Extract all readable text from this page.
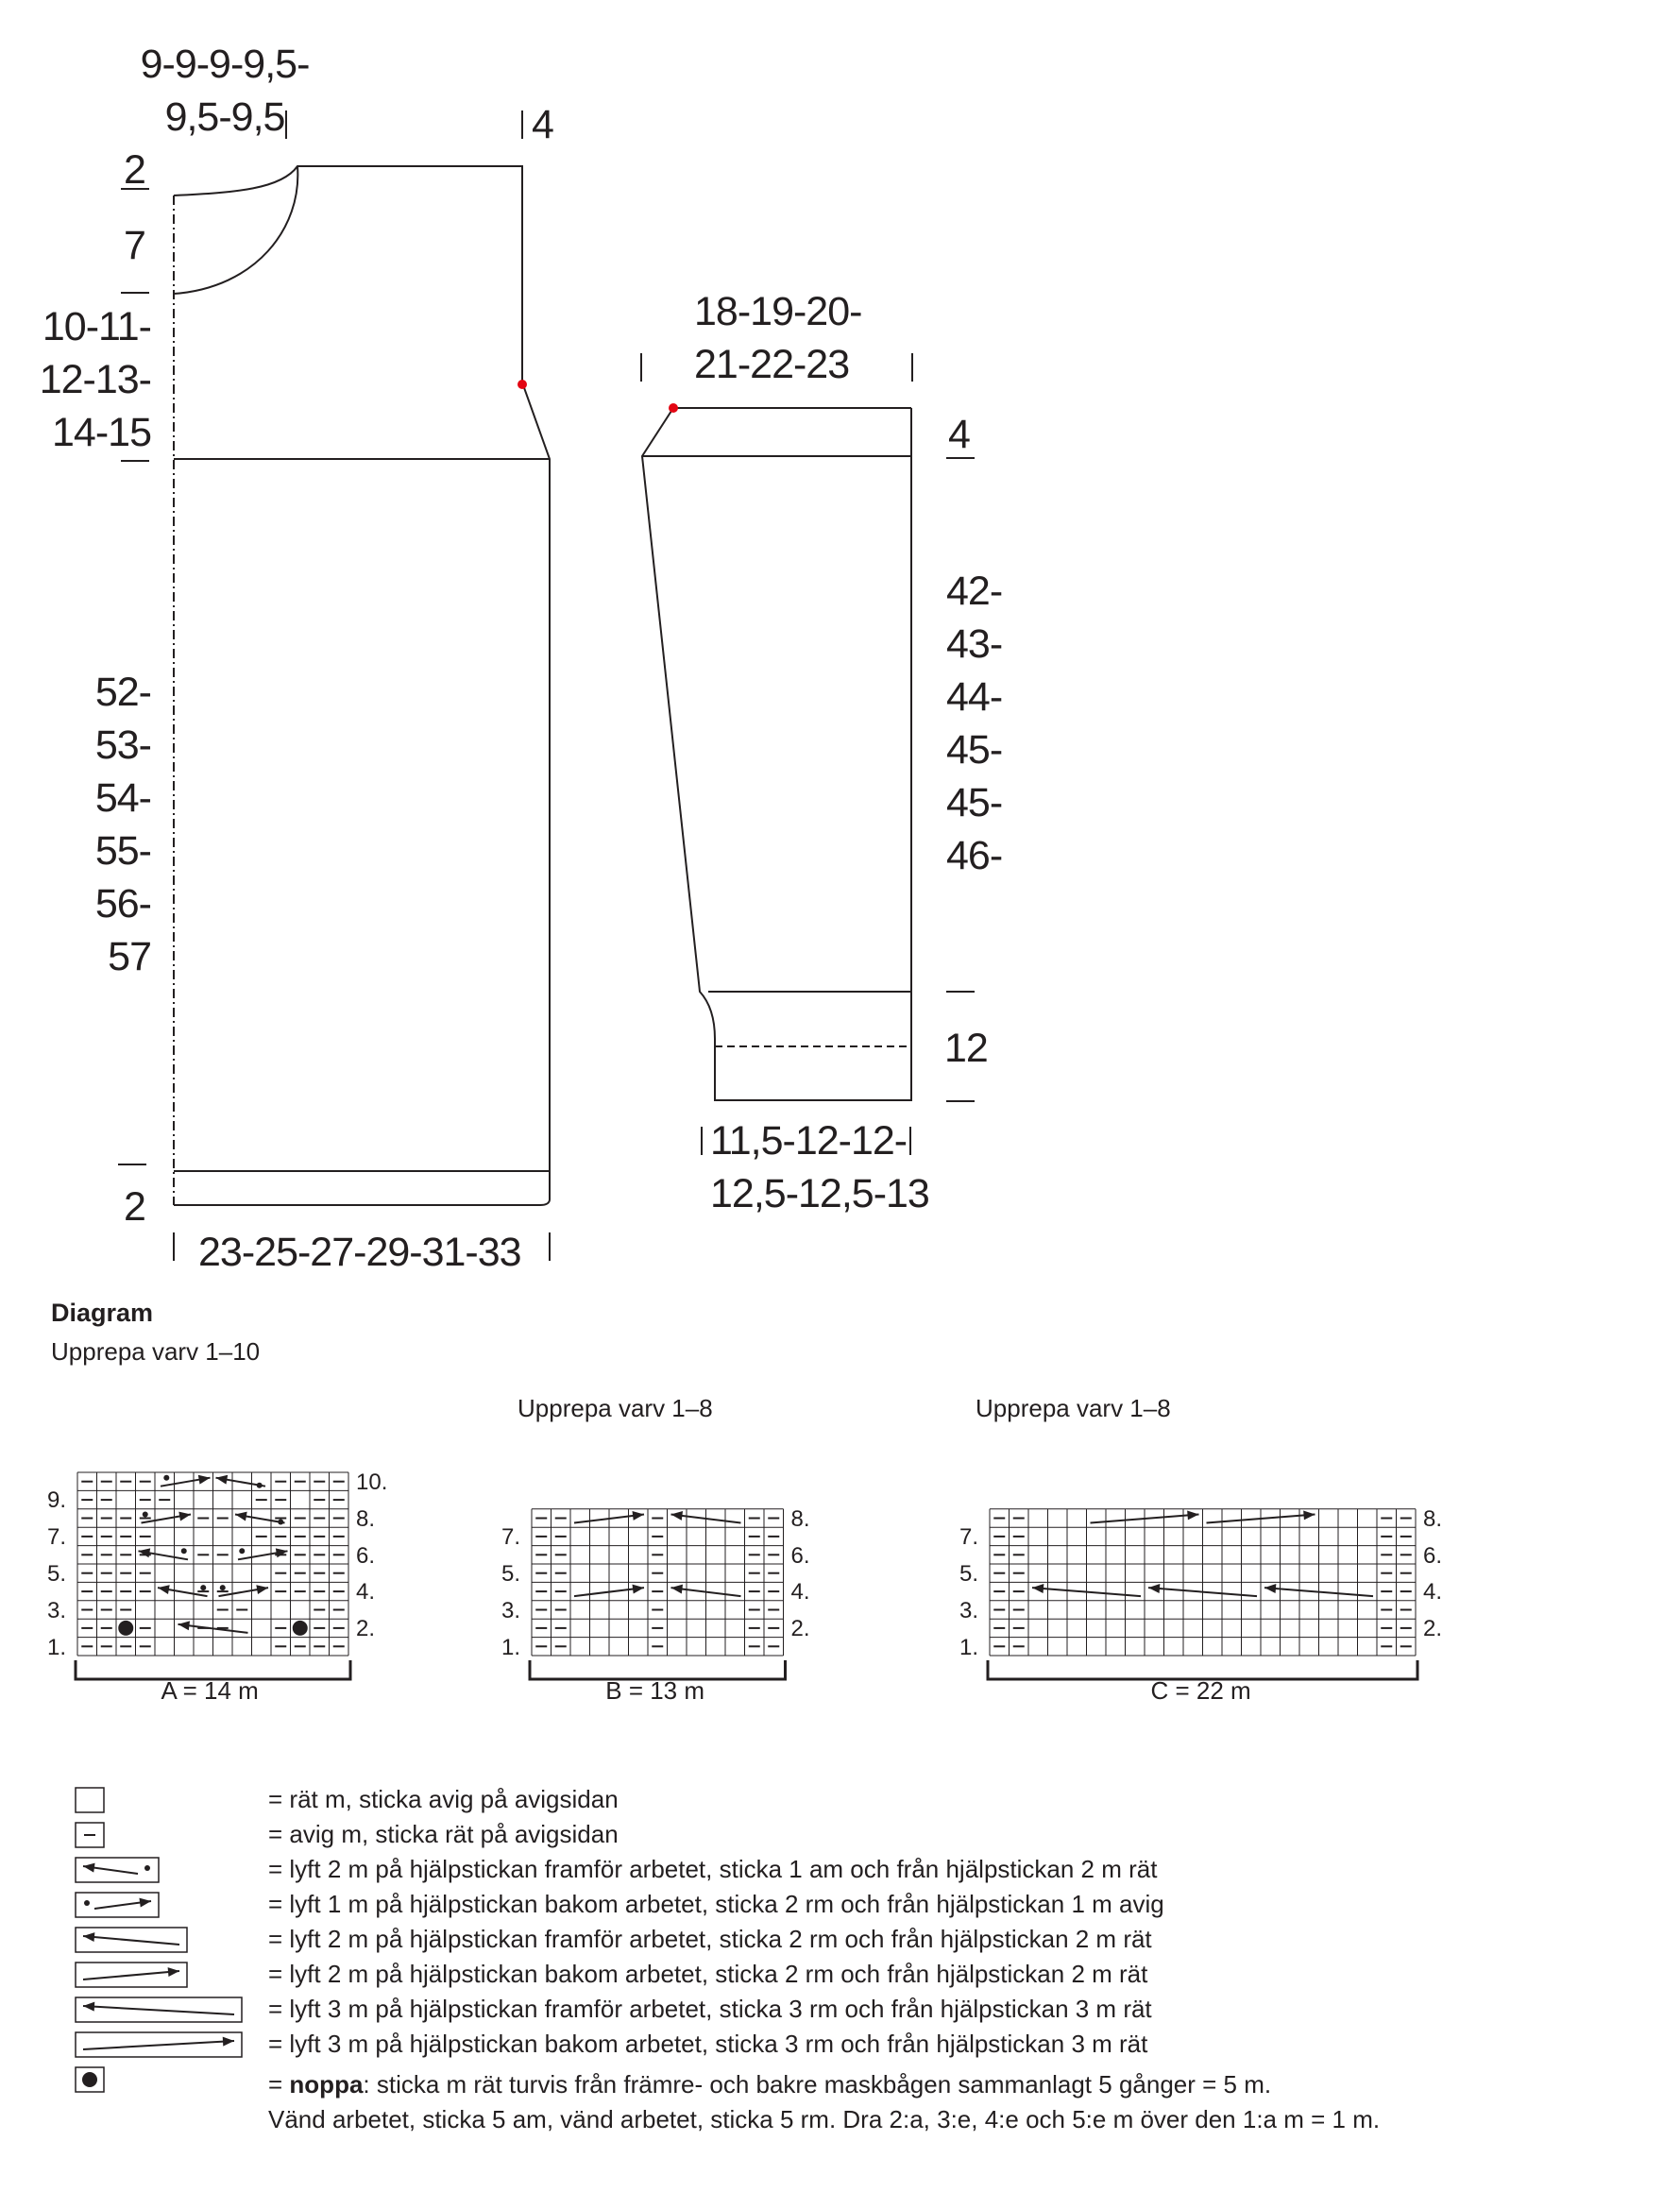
9-9-9-9,5-
9,5-9,5	4
2
7
10-11-
12-13-
14-15
52-
53-
54-
55-
56-
57
2
23-25-27-29-31-33
18-19-20-
21-22-23
4
42-
43-
44-
45-
45-
46-
12
11,5-12-12-
12,5-12,5-13
Diagram
Upprepa varv 1–10
A = 14 m
9.
7.
5.
3.
1.
10.
8.
6.
4.
2.
Upprepa varv 1–8
B = 13 m
7.
5.
3.
1.
8.
6.
4.
2.
Upprepa varv 1–8
C = 22 m
7.
5.
3.
1.
8.
6.
4.
2.
= rät m, sticka avig på avigsidan
= avig m, sticka rät på avigsidan
= lyft 2 m på hjälpstickan framför arbetet, sticka 1 am och från hjälpstickan 2 m rät
= lyft 1 m på hjälpstickan bakom arbetet, sticka 2 rm och från hjälpstickan 1 m avig
= lyft 2 m på hjälpstickan framför arbetet, sticka 2 rm och från hjälpstickan 2 m rät
= lyft 2 m på hjälpstickan bakom arbetet, sticka 2 rm och från hjälpstickan 2 m rät
= lyft 3 m på hjälpstickan framför arbetet, sticka 3 rm och från hjälpstickan 3 m rät
= lyft 3 m på hjälpstickan bakom arbetet, sticka 3 rm och från hjälpstickan 3 m rät
= noppa: sticka m rät turvis från främre- och bakre maskbågen sammanlagt 5 gånger = 5 m.
Vänd arbetet, sticka 5 am, vänd arbetet, sticka 5 rm. Dra 2:a, 3:e, 4:e och 5:e m över den 1:a m = 1 m.
